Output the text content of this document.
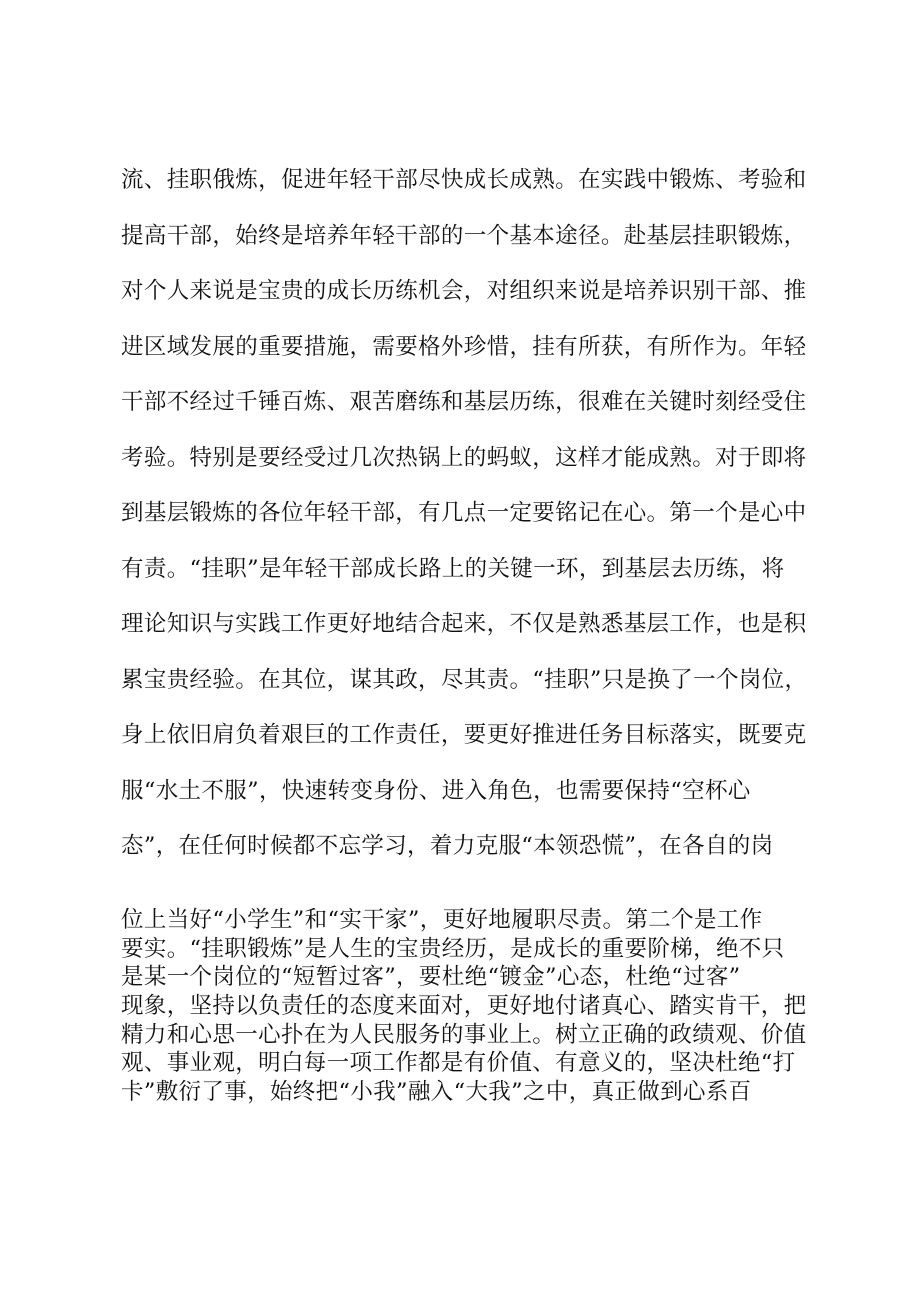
流、挂职俄炼，促进年轻干部尽快成长成熟。在实践中锻炼、考验和
提高干部，始终是培养年轻干部的一个基本途径。赴基层挂职锻炼，
对个人来说是宝贵的成长历练机会，对组织来说是培养识别干部、推
进区域发展的重要措施，需要格外珍惜，挂有所获，有所作为。年轻
干部不经过千锤百炼、艰苦磨练和基层历练，很难在关键时刻经受住
考验。特别是要经受过几次热锅上的蚂蚁，这样才能成熟。对于即将
到基层锻炼的各位年轻干部，有几点一定要铭记在心。第一个是心中
有责。“挂职”是年轻干部成长路上的关键一环，到基层去历练，将
理论知识与实践工作更好地结合起来，不仅是熟悉基层工作，也是积
累宝贵经验。在其位，谋其政，尽其责。“挂职”只是换了一个岗位，
身上依旧肩负着艰巨的工作责任，要更好推进任务目标落实，既要克
服“水土不服”，快速转变身份、进入角色，也需要保持“空杯心
态”，在任何时候都不忘学习，着力克服“本领恐慌”，在各自的岗
位上当好“小学生”和“实干家”，更好地履职尽责。第二个是工作
要实。“挂职锻炼”是人生的宝贵经历，是成长的重要阶梯，绝不只
是某一个岗位的“短暂过客”，要杜绝“镀金”心态，杜绝“过客”
现象，坚持以负责任的态度来面对，更好地付诸真心、踏实肯干，把
精力和心思一心扑在为人民服务的事业上。树立正确的政绩观、价值
观、事业观，明白每一项工作都是有价值、有意义的，坚决杜绝“打
卡”敷衍了事，始终把“小我”融入“大我”之中，真正做到心系百
